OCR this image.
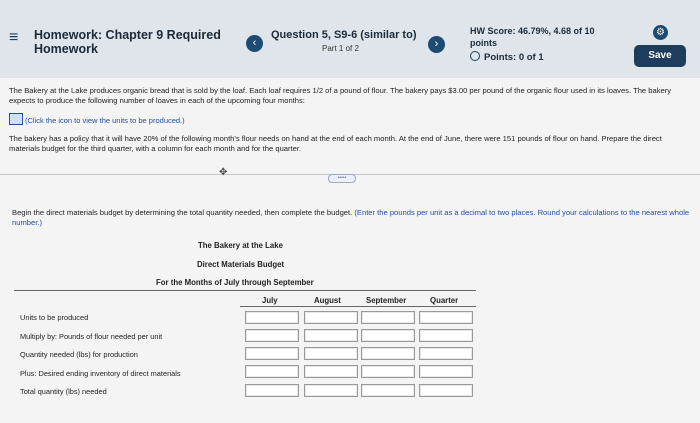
≡ Homework: Chapter 9 Required
Homework	‹
Question 5, S9-6 (similar to)
Part 1 of 2	›
HW Score: 46.79%, 4.68 of 10
points
Points: 0 of 1
⚙
Save
The Bakery at the Lake produces organic bread that is sold by the loaf. Each loaf requires 1/2 of a pound of flour. The bakery pays $3.00 per pound of the organic flour used in its loaves. The bakery expects to produce the following number of loaves in each of the upcoming four months:
(Click the icon to view the units to be produced.)
The bakery has a policy that it will have 20% of the following month's flour needs on hand at the end of each month. At the end of June, there were 151 pounds of flour on hand. Prepare the direct materials budget for the third quarter, with a column for each month and for the quarter.
✥	•••••
Begin the direct materials budget by determining the total quantity needed, then complete the budget. (Enter the pounds per unit as a decimal to two places. Round your calculations to the nearest whole number.)
The Bakery at the Lake
Direct Materials Budget
For the Months of July through September
July	August	September	Quarter
Units to be produced
Multiply by: Pounds of flour needed per unit
Quantity needed (lbs) for production
Plus: Desired ending inventory of direct materials
Total quantity (lbs) needed
